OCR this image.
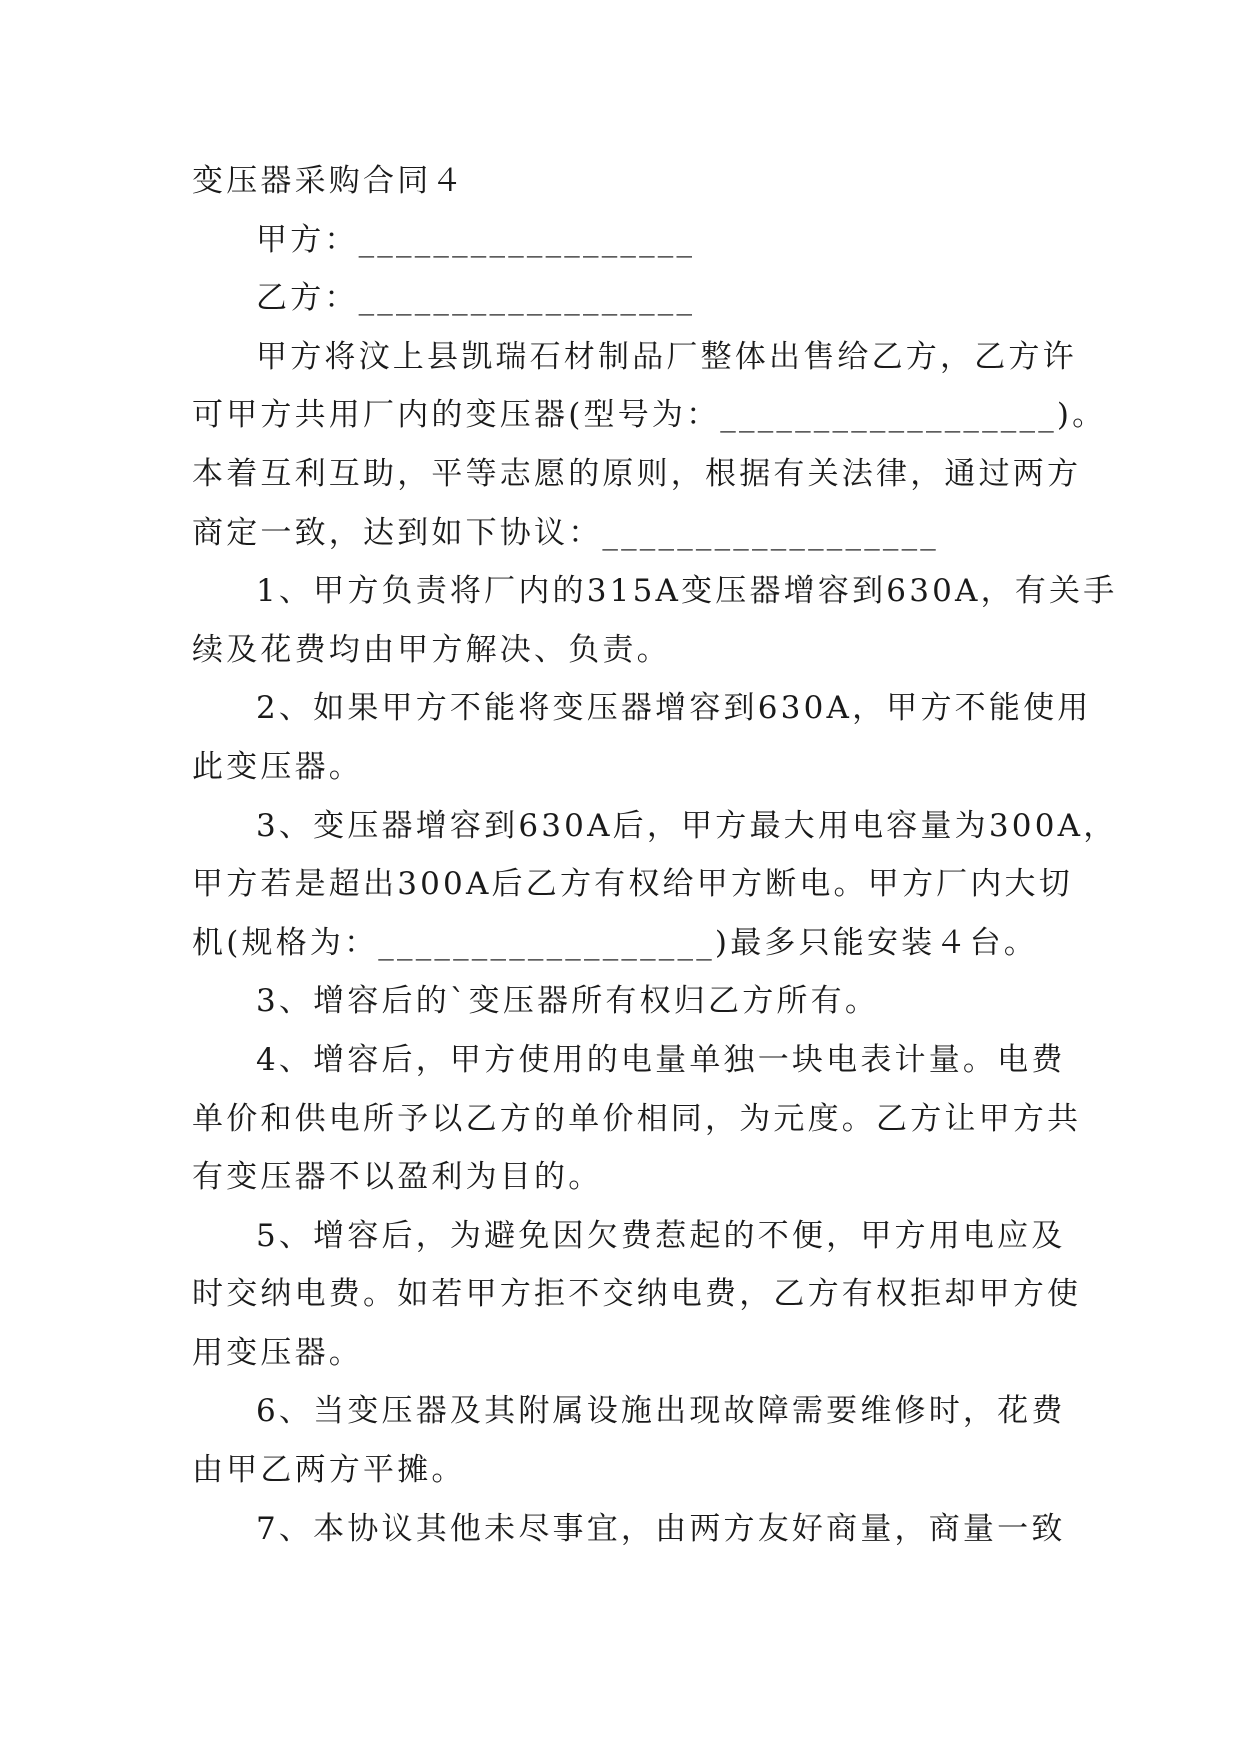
变压器采购合同４
甲方：__________________
乙方：__________________
甲方将汶上县凯瑞石材制品厂整体出售给乙方，乙方许
可甲方共用厂内的变压器(型号为：__________________)。
本着互利互助，平等志愿的原则，根据有关法律，通过两方
商定一致，达到如下协议：__________________
1、甲方负责将厂内的315A变压器增容到630A，有关手
续及花费均由甲方解决、负责。
2、如果甲方不能将变压器增容到630A，甲方不能使用
此变压器。
3、变压器增容到630A后，甲方最大用电容量为300A，
甲方若是超出300A后乙方有权给甲方断电。甲方厂内大切
机(规格为：__________________)最多只能安装４台。
3、增容后的`变压器所有权归乙方所有。
4、增容后，甲方使用的电量单独一块电表计量。电费
单价和供电所予以乙方的单价相同，为元度。乙方让甲方共
有变压器不以盈利为目的。
5、增容后，为避免因欠费惹起的不便，甲方用电应及
时交纳电费。如若甲方拒不交纳电费，乙方有权拒却甲方使
用变压器。
6、当变压器及其附属设施出现故障需要维修时，花费
由甲乙两方平摊。
7、本协议其他未尽事宜，由两方友好商量，商量一致
